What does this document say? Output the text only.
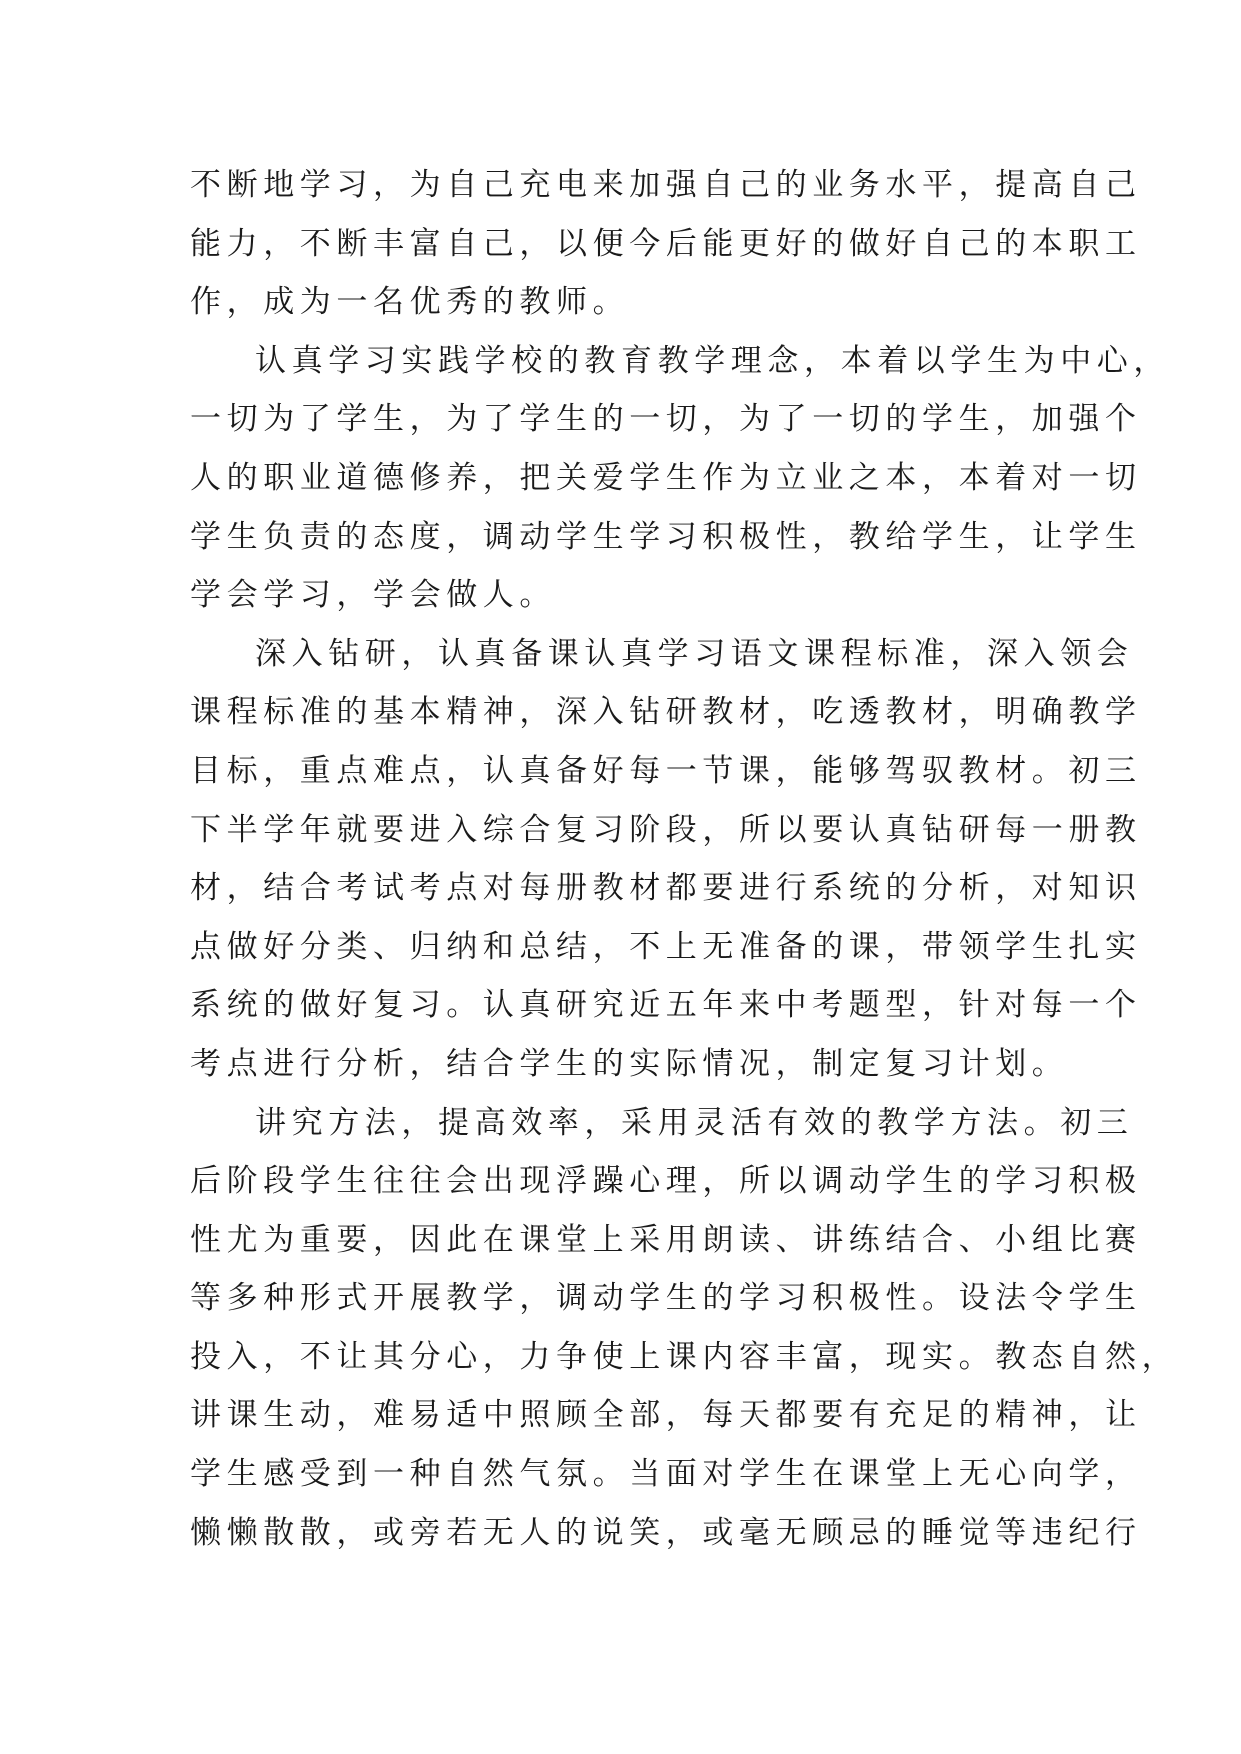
不断地学习，为自己充电来加强自己的业务水平，提高自己
能力，不断丰富自己，以便今后能更好的做好自己的本职工
作，成为一名优秀的教师。
认真学习实践学校的教育教学理念，本着以学生为中心，
一切为了学生，为了学生的一切，为了一切的学生，加强个
人的职业道德修养，把关爱学生作为立业之本，本着对一切
学生负责的态度，调动学生学习积极性，教给学生，让学生
学会学习，学会做人。
深入钻研，认真备课认真学习语文课程标准，深入领会
课程标准的基本精神，深入钻研教材，吃透教材，明确教学
目标，重点难点，认真备好每一节课，能够驾驭教材。初三
下半学年就要进入综合复习阶段，所以要认真钻研每一册教
材，结合考试考点对每册教材都要进行系统的分析，对知识
点做好分类、归纳和总结，不上无准备的课，带领学生扎实
系统的做好复习。认真研究近五年来中考题型，针对每一个
考点进行分析，结合学生的实际情况，制定复习计划。
讲究方法，提高效率，采用灵活有效的教学方法。初三
后阶段学生往往会出现浮躁心理，所以调动学生的学习积极
性尤为重要，因此在课堂上采用朗读、讲练结合、小组比赛
等多种形式开展教学，调动学生的学习积极性。设法令学生
投入，不让其分心，力争使上课内容丰富，现实。教态自然，
讲课生动，难易适中照顾全部，每天都要有充足的精神，让
学生感受到一种自然气氛。当面对学生在课堂上无心向学，
懒懒散散，或旁若无人的说笑，或毫无顾忌的睡觉等违纪行
